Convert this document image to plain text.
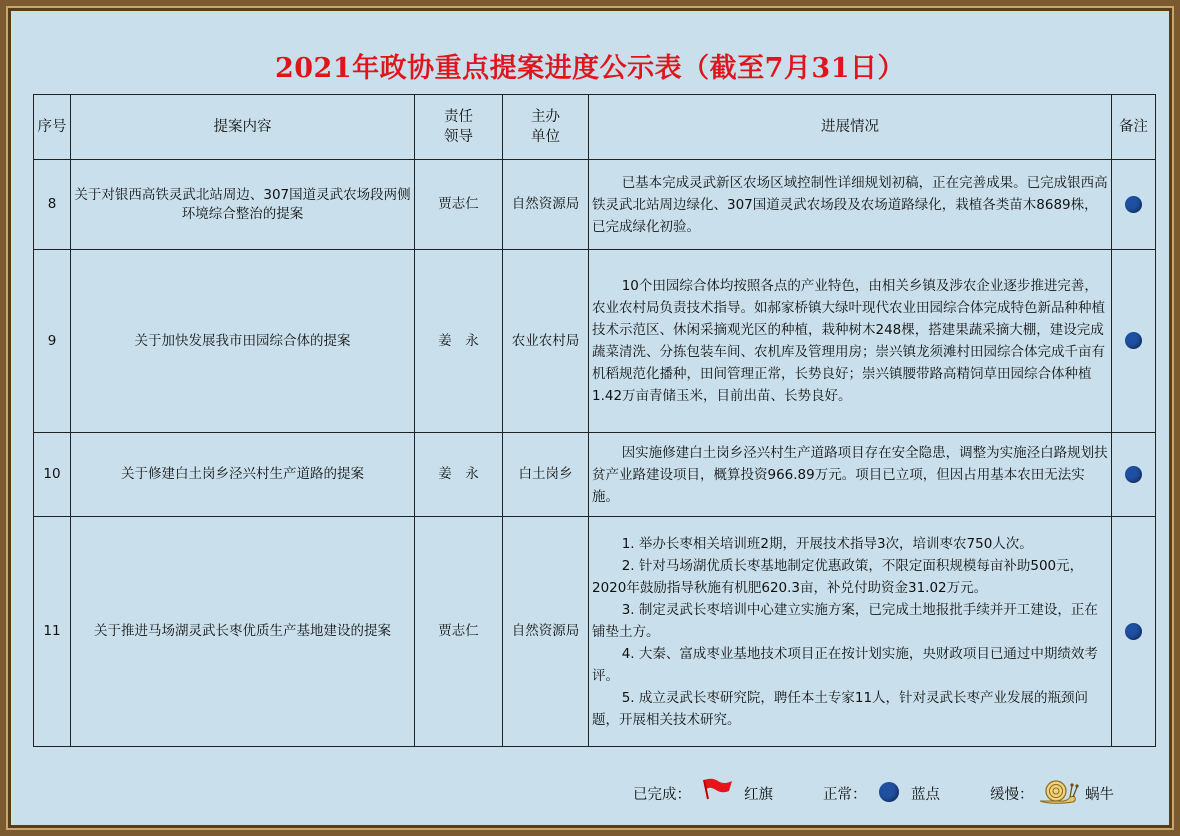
2021年政协重点提案进度公示表（截至7月31日）
序号	提案内容	责任领导	主办单位	进展情况	备注
8	关于对银西高铁灵武北站周边、307国道灵武农场段两侧环境综合整治的提案	贾志仁	自然资源局	已基本完成灵武新区农场区域控制性详细规划初稿，正在完善成果。已完成银西高铁灵武北站周边绿化、307国道灵武农场段及农场道路绿化，栽植各类苗木8689株，已完成绿化初验。	

9	关于加快发展我市田园综合体的提案	姜　永	农业农村局	10个田园综合体均按照各点的产业特色，由相关乡镇及涉农企业逐步推进完善，农业农村局负责技术指导。如郝家桥镇大绿叶现代农业田园综合体完成特色新品种种植技术示范区、休闲采摘观光区的种植，栽种树木248棵，搭建果蔬采摘大棚，建设完成蔬菜清洗、分拣包装车间、农机库及管理用房；崇兴镇龙须滩村田园综合体完成千亩有机稻规范化播种，田间管理正常，长势良好；崇兴镇腰带路高精饲草田园综合体种植1.42万亩青储玉米，目前出苗、长势良好。	

10	关于修建白土岗乡泾兴村生产道路的提案	姜　永	白土岗乡	因实施修建白土岗乡泾兴村生产道路项目存在安全隐患，调整为实施泾白路规划扶贫产业路建设项目，概算投资966.89万元。项目已立项，但因占用基本农田无法实施。	

11	关于推进马场湖灵武长枣优质生产基地建设的提案	贾志仁	自然资源局	1. 举办长枣相关培训班2期，开展技术指导3次，培训枣农750人次。

2. 针对马场湖优质长枣基地制定优惠政策，不限定面积规模每亩补助500元，2020年鼓励指导秋施有机肥620.3亩，补兑付助资金31.02万元。

3. 制定灵武长枣培训中心建立实施方案，已完成土地报批手续并开工建设，正在铺垫土方。

4. 大秦、富成枣业基地技术项目正在按计划实施，央财政项目已通过中期绩效考评。

5. 成立灵武长枣研究院，聘任本土专家11人，针对灵武长枣产业发展的瓶颈问题，开展相关技术研究。	

已完成：	红旗	正常：	蓝点	缓慢：	蜗牛
